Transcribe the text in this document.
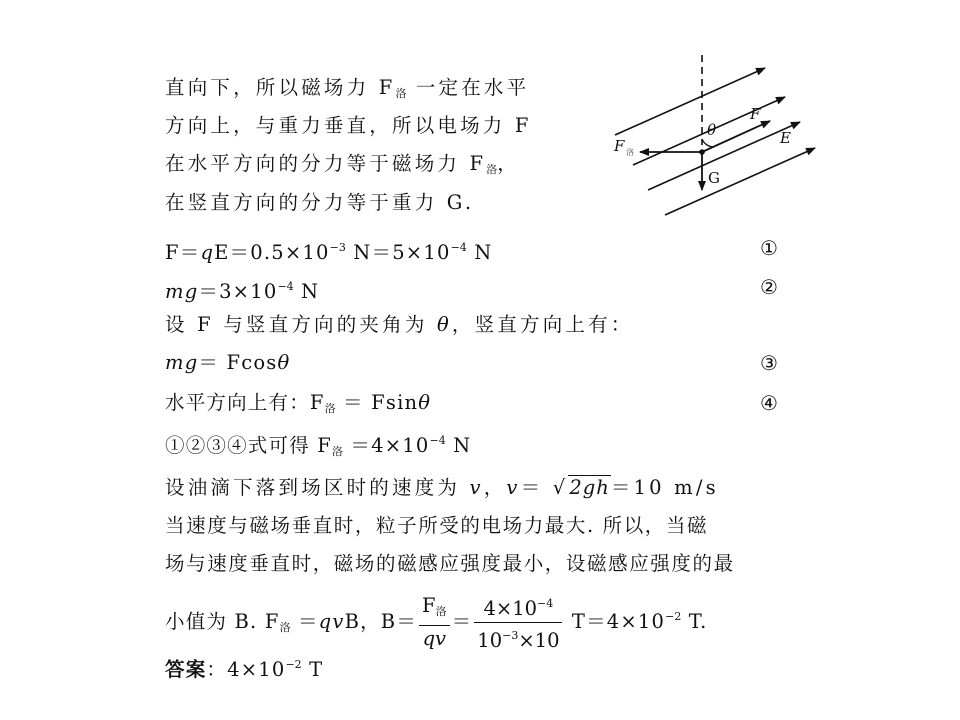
直向下，所以磁场力 $F_洛$ 一定在水平
方向上，与重力垂直，所以电场力 F
在水平方向的分力等于磁场力 $F_洛$，
在竖直方向的分力等于重力 G.
θ
F 洛
F
E
G
$F=qE=0.5\times 10^{-3}$ $N=5\times 10^{-4}$ N	①
$mg=3\times 10^{-4}$ N	②
设 F 与竖直方向的夹角为 θ，竖直方向上有：
mg＝ Fcosθ	③
水平方向上有：$F_洛 = Fsin\theta$	④
①②③④式可得 $F_洛 =4\times 10^{-4}$ N
设油滴下落到场区时的速度为 v，v＝ √2gh＝10 m/s
当速度与磁场垂直时，粒子所受的电场力最大. 所以，当磁
场与速度垂直时，磁场的磁感应强度最小，设磁感应强度的最
小值为 B. $F_洛 =qvB$，$B= \frac{F_洛}{qv} = \frac{4\times 10^{-4}}{10^{-3}\times 10} T=4\times 10^{-2}$ T.
答案：$4\times 10^{-2}$ T
